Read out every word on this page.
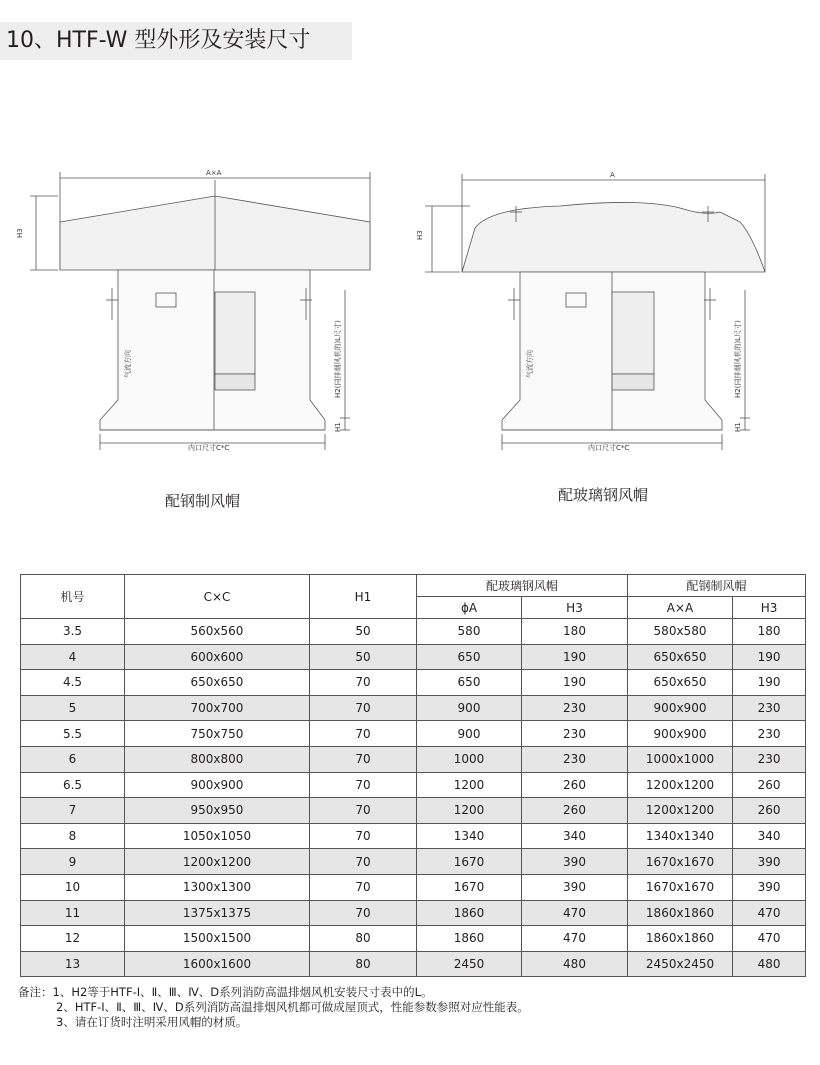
10、HTF-W 型外形及安装尺寸
A×A
H3
H2(同排烟风机的)L尺寸)
H1
内口尺寸C*C
气流方向
A
H3
H2(同排烟风机的)L尺寸)
H1
内口尺寸C*C
气流方向
配钢制风帽	配玻璃钢风帽
机号	C×C	H1	配玻璃钢风帽		配钢制风帽	
			ϕA	H3	A×A	H3
3.5	560x560	50	580	180	580x580	180
4	600x600	50	650	190	650x650	190
4.5	650x650	70	650	190	650x650	190
5	700x700	70	900	230	900x900	230
5.5	750x750	70	900	230	900x900	230
6	800x800	70	1000	230	1000x1000	230
6.5	900x900	70	1200	260	1200x1200	260
7	950x950	70	1200	260	1200x1200	260
8	1050x1050	70	1340	340	1340x1340	340
9	1200x1200	70	1670	390	1670x1670	390
10	1300x1300	70	1670	390	1670x1670	390
11	1375x1375	70	1860	470	1860x1860	470
12	1500x1500	80	1860	470	1860x1860	470
13	1600x1600	80	2450	480	2450x2450	480
备注：1、H2等于HTF-Ⅰ、Ⅱ、Ⅲ、Ⅳ、D系列消防高温排烟风机安装尺寸表中的L。
2、HTF-Ⅰ、Ⅱ、Ⅲ、Ⅳ、D系列消防高温排烟风机都可做成屋顶式，性能参数参照对应性能表。
3、请在订货时注明采用风帽的材质。
